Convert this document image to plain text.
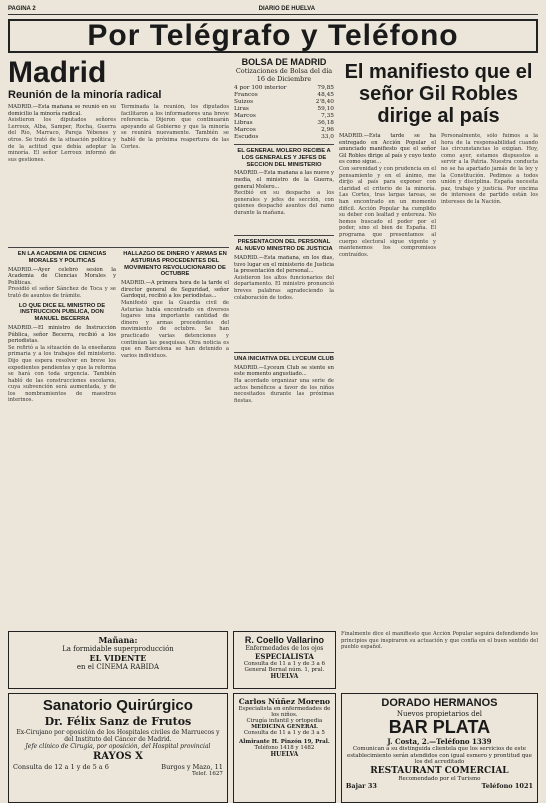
PAGINA 2	DIARIO DE HUELVA
Por Telégrafo y Teléfono
Madrid
Reunión de la minoría radical

MADRID.—Esta mañana se reunió en su domicilio la minoría radical.

Asistieron los diputados señores Lerroux, Alba, Samper, Rocha, Guerra del Río, Marraco, Pareja Yébenes y otros. Se trató de la situación política y de la actitud que debía adoptar la minoría. El señor Lerroux informó de sus gestiones.

Terminada la reunión, los diputados facilitaron a los informadores una breve referencia. Dijeron que continuarán apoyando al Gobierno y que la minoría se reunirá nuevamente. También se habló de la próxima reapertura de las Cortes.
EN LA ACADEMIA DE CIENCIAS MORALES Y POLITICAS

MADRID.—Ayer celebró sesión la Academia de Ciencias Morales y Políticas.

Presidió el señor Sánchez de Toca y se trató de asuntos de trámite.

LO QUE DICE EL MINISTRO DE INSTRUCCION PUBLICA, DON MANUEL BECERRA

MADRID.—El ministro de Instrucción Pública, señor Becerra, recibió a los periodistas.

Se refirió a la situación de la enseñanza primaria y a los trabajos del ministerio. Dijo que espera resolver en breve los expedientes pendientes y que la reforma se hará con toda urgencia. También habló de las construcciones escolares, cuya subvención será aumentada, y de los nombramientos de maestros interinos.

HALLAZGO DE DINERO Y ARMAS EN ASTURIAS PROCEDENTES DEL MOVIMIENTO REVOLUCIONARIO DE OCTUBRE

MADRID.—A primera hora de la tarde el director general de Seguridad, señor Gardoqui, recibió a los periodistas...

Manifestó que la Guardia civil de Asturias había encontrado en diversos lugares una importante cantidad de dinero y armas procedentes del movimiento de octubre. Se han practicado varias detenciones y continúan las pesquisas. Otra noticia es que en Barcelona se han detenido a varios individuos.

BOLSA DE MADRID
Cotizaciones de Bolsa del día 16 de Diciembre
4 por 100 interior	79,85
Francos	48,45
Suizos	2'8,40
Liras	59,10
Marcos	7,35
Libras	36,18
Marcos	2,96
Escudos	33,0
EL GENERAL MOLERO RECIBE A LOS GENERALES Y JEFES DE SECCION DEL MINISTERIO

MADRID.—Esta mañana a las nueve y media, el ministro de la Guerra, general Molero...

Recibió en su despacho a los generales y jefes de sección, con quienes despachó asuntos del ramo durante la mañana.

PRESENTACION DEL PERSONAL AL NUEVO MINISTRO DE JUSTICIA

MADRID.—Esta mañana, en los días, tuvo lugar en el ministerio de Justicia la presentación del personal...

Asistieron los altos funcionarios del departamento. El ministro pronunció breves palabras agradeciendo la colaboración de todos.

UNA INICIATIVA DEL LYCEUM CLUB

MADRID.—Lyceum Club se siente en este momento angustiado...

Ha acordado organizar una serie de actos benéficos a favor de los niños necesitados durante las próximas fiestas.

El manifiesto que el señor Gil Robles dirige al país

MADRID.—Esta tarde se ha entregado en Acción Popular el anunciado manifiesto que el señor Gil Robles dirige al país y cuyo texto es como sigue...

Con serenidad y con prudencia en el pensamiento y en el ánimo, me dirijo al país para exponer con claridad el criterio de la minoría. Las Cortes, tras largas tareas, se han encontrado en un momento difícil. Acción Popular ha cumplido su deber con lealtad y entereza. No hemos buscado el poder por el poder, sino el bien de España. El programa que presentamos al cuerpo electoral sigue vigente y mantenemos los compromisos contraídos.

Personalmente, sólo fuimos a la hora de la responsabilidad cuando las circunstancias lo exigían. Hoy, como ayer, estamos dispuestos a servir a la Patria. Nuestra conducta no se ha apartado jamás de la ley y la Constitución. Pedimos a todos unión y disciplina. España necesita paz, trabajo y justicia. Por encima de intereses de partido están los intereses de la Nación.
Mañana:
La formidable superproducción
EL VIDENTE
en el CINEMA RABIDA
R. Coello Vallarino
Enfermedades de los ojos
ESPECIALISTA
Consulta de 11 a 1 y de 3 a 6
General Bernal núm. 1, pral.
HUELVA
Finalmente dice el manifiesto que Acción Popular seguirá defendiendo los principios que inspiraron su actuación y que confía en el buen sentido del pueblo español.
Sanatorio Quirúrgico
Dr. Félix Sanz de Frutos
Ex-Cirujano por oposición de los Hospitales civiles de Marruecos y del Instituto del Cáncer de Madrid.
Jefe clínico de Cirugía, por oposición, del Hospital provincial
RAYOS X
Consulta de 12 a 1 y de 5 a 6	Burgos y Mazo, 11
Telef. 1627
Carlos Núñez Moreno
Especialista en enfermedades de los niños.
Cirugía infantil y ortopedia
MEDICINA GENERAL
Consulta de 11 a 1 y de 3 a 5
Almirante H. Pinzón 19, Pral.
Teléfono 1418 y 1482
HUELVA
DORADO HERMANOS
Nuevos propietarios del
BAR PLATA
J. Costa, 2.—Teléfono 1339
Comunican a su distinguida clientela que los servicios de este establecimiento serán atendidos con igual esmero y prontitud que los del acreditado
RESTAURANT COMERCIAL
Recomendado por el Turismo
Bajar 33	Teléfono 1021
